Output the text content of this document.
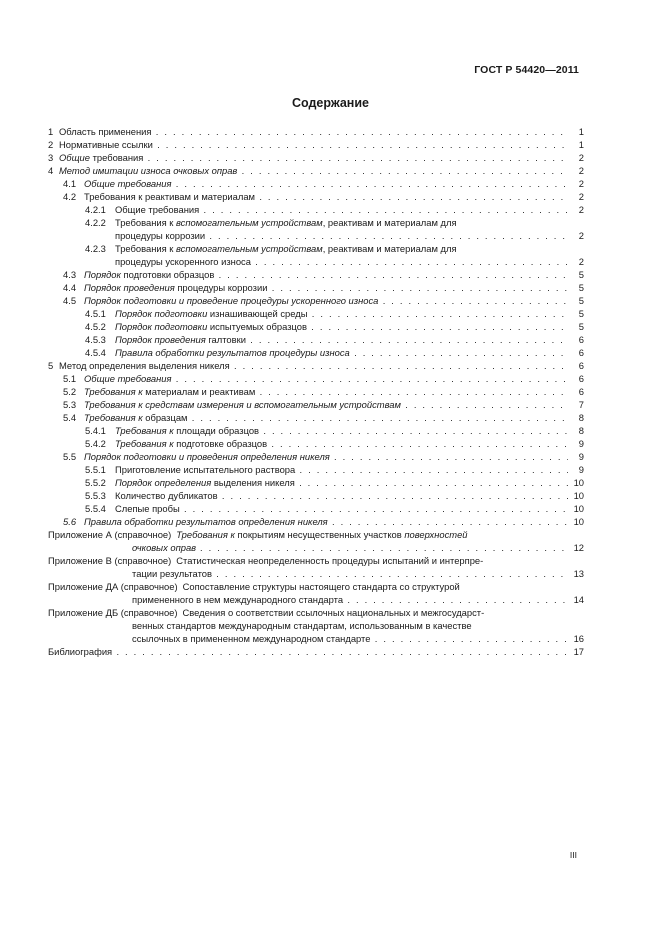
ГОСТ Р 54420—2011
Содержание
1 Область применения . . .	1
2 Нормативные ссылки . . .	1
3 Общие требования . . .	2
4 Метод имитации износа очковых оправ . . .	2
4.1 Общие требования . . .	2
4.2 Требования к реактивам и материалам . . .	2
4.2.1 Общие требования . . .	2
4.2.2 Требования к вспомогательным устройствам, реактивам и материалам для
процедуры коррозии . . .	2
4.2.3 Требования к вспомогательным устройствам, реактивам и материалам для
процедуры ускоренного износа . . .	2
4.3 Порядок подготовки образцов . . .	5
4.4 Порядок проведения процедуры коррозии . . .	5
4.5 Порядок подготовки и проведение процедуры ускоренного износа . . .	5
4.5.1 Порядок подготовки изнашивающей среды . . .	5
4.5.2 Порядок подготовки испытуемых образцов . . .	5
4.5.3 Порядок проведения галтовки . . .	6
4.5.4 Правила обработки результатов процедуры износа . . .	6
5 Метод определения выделения никеля . . .	6
5.1 Общие требования . . .	6
5.2 Требования к материалам и реактивам . . .	6
5.3 Требования к средствам измерения и вспомогательным устройствам . . .	7
5.4 Требования к образцам . . .	8
5.4.1 Требования к площади образцов . . .	8
5.4.2 Требования к подготовке образцов . . .	9
5.5 Порядок подготовки и проведения определения никеля . . .	9
5.5.1 Приготовление испытательного раствора . . .	9
5.5.2 Порядок определения выделения никеля . . .	10
5.5.3 Количество дубликатов . . .	10
5.5.4 Слепые пробы . . .	10
5.6 Правила обработки результатов определения никеля . . .	10
Приложение А (справочное) Требования к покрытиям несущественных участков поверхностей
очковых оправ . . .	12
Приложение В (справочное) Статистическая неопределенность процедуры испытаний и интерпре-
тации результатов . . .	13
Приложение ДА (справочное) Сопоставление структуры настоящего стандарта со структурой
примененного в нем международного стандарта . . .	14
Приложение ДБ (справочное) Сведения о соответствии ссылочных национальных и межгосударст-
венных стандартов международным стандартам, использованным в качестве
ссылочных в примененном международном стандарте . . .	16
Библиография . . .	17
III
